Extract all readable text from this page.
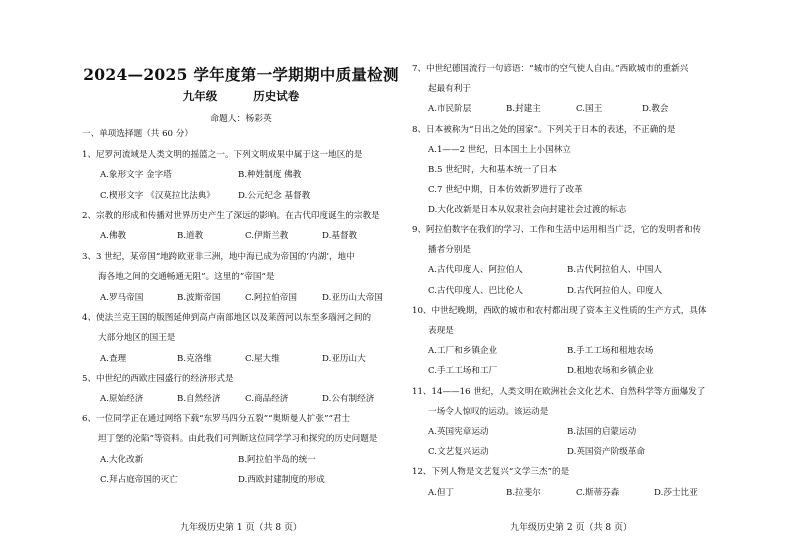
2024—2025 学年度第一学期期中质量检测
九年级	历史试卷
命题人：杨彩英
一、单项选择题（共 60 分）
1、尼罗河流域是人类文明的摇篮之一。下列文明成果中属于这一地区的是
A.象形文字 金字塔	B.种姓制度 佛教
C.楔形文字 《汉莫拉比法典》	D.公元纪念 基督教
2、宗教的形成和传播对世界历史产生了深远的影响。在古代印度诞生的宗教是
A.佛教	B.道教	C.伊斯兰教	D.基督教
3、3 世纪，某帝国“地跨欧亚非三洲，地中海已成为帝国的‘内湖’，地中
海各地之间的交通畅通无阻”。这里的”帝国“是
A.罗马帝国	B.波斯帝国	C.阿拉伯帝国	D.亚历山大帝国
4、使法兰克王国的版图延伸到高卢南部地区以及莱茵河以东至多瑙河之间的
大部分地区的国王是
A.查理	B.克洛维	C.屋大维	D.亚历山大
5、中世纪的西欧庄园盛行的经济形式是
A.原始经济	B.自然经济	C.商品经济	D.公有制经济
6、一位同学正在通过网络下载“东罗马四分五裂”“奥斯曼人扩张”“君士
坦丁堡的沦陷”等资料。由此我们可判断这位同学学习和探究的历史问题是
A.大化改新	B.阿拉伯半岛的统一
C.拜占庭帝国的灭亡	D.西欧封建制度的形成
九年级历史第 1 页（共 8 页）
7、中世纪德国流行一句谚语：“城市的空气使人自由。”西欧城市的重新兴
起最有利于
A.市民阶层	B.封建主	C.国王	D.教会
8、日本被称为“日出之处的国家”。下列关于日本的表述，不正确的是
A.1——2 世纪，日本国土上小国林立
B.5 世纪时，大和基本统一了日本
C.7 世纪中期，日本仿效新罗进行了改革
D.大化改新是日本从奴隶社会向封建社会过渡的标志
9、阿拉伯数字在我们的学习、工作和生活中运用相当广泛，它的发明者和传
播者分别是
A.古代印度人、阿拉伯人	B.古代阿拉伯人、中国人
C.古代印度人、巴比伦人	D.古代阿拉伯人、印度人
10、中世纪晚期，西欧的城市和农村都出现了资本主义性质的生产方式，具体
表现是
A.工厂和乡镇企业	B.手工工场和租地农场
C.手工工场和工厂	D.租地农场和乡镇企业
11、14——16 世纪，人类文明在欧洲社会文化艺术、自然科学等方面爆发了
一场令人惊叹的运动。该运动是
A.英国宪章运动	B.法国的启蒙运动
C.文艺复兴运动	D.英国资产阶级革命
12、下列人物是文艺复兴“文学三杰”的是
A.但丁	B.拉斐尔	C.斯蒂芬森	D.莎士比亚
九年级历史第 2 页（共 8 页）
